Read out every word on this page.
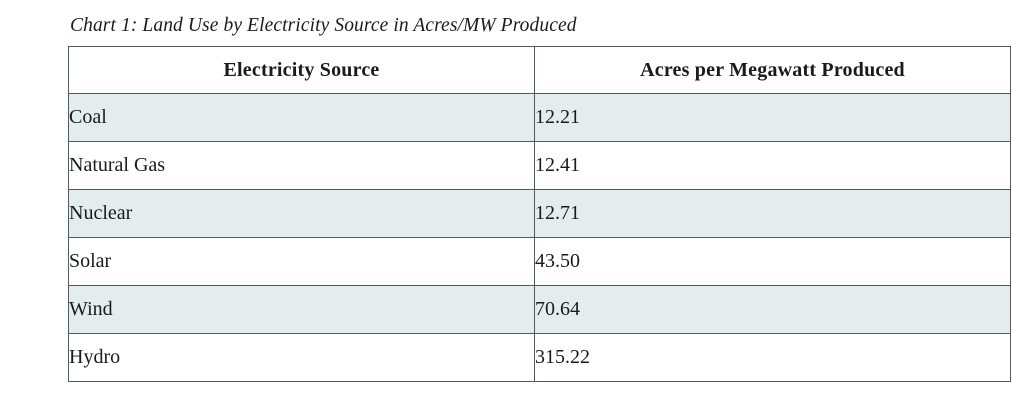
Chart 1: Land Use by Electricity Source in Acres/MW Produced
Electricity Source	Acres per Megawatt Produced
Coal	12.21
Natural Gas	12.41
Nuclear	12.71
Solar	43.50
Wind	70.64
Hydro	315.22
